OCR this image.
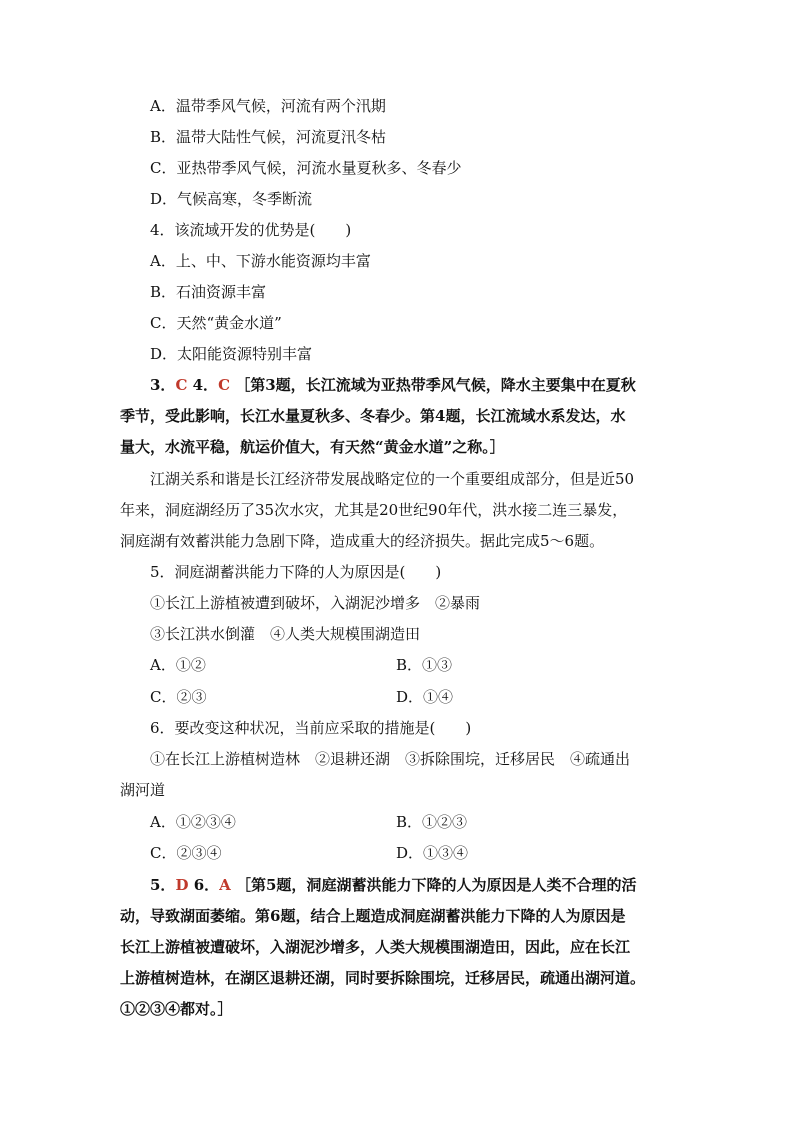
A．温带季风气候，河流有两个汛期
B．温带大陆性气候，河流夏汛冬枯
C．亚热带季风气候，河流水量夏秋多、冬春少
D．气候高寒，冬季断流
4．该流域开发的优势是(　　)
A．上、中、下游水能资源均丰富
B．石油资源丰富
C．天然“黄金水道”
D．太阳能资源特别丰富
3．C 4．C ［第3题，长江流域为亚热带季风气候，降水主要集中在夏秋
季节，受此影响，长江水量夏秋多、冬春少。第4题，长江流域水系发达，水
量大，水流平稳，航运价值大，有天然“黄金水道”之称。］
江湖关系和谐是长江经济带发展战略定位的一个重要组成部分，但是近50
年来，洞庭湖经历了35次水灾，尤其是20世纪90年代，洪水接二连三暴发，
洞庭湖有效蓄洪能力急剧下降，造成重大的经济损失。据此完成5～6题。
5．洞庭湖蓄洪能力下降的人为原因是(　　)
①长江上游植被遭到破坏，入湖泥沙增多　②暴雨
③长江洪水倒灌　④人类大规模围湖造田
A．①②	B．①③
C．②③	D．①④
6．要改变这种状况，当前应采取的措施是(　　)
①在长江上游植树造林　②退耕还湖　③拆除围垸，迁移居民　④疏通出
湖河道
A．①②③④	B．①②③
C．②③④	D．①③④
5．D 6．A ［第5题，洞庭湖蓄洪能力下降的人为原因是人类不合理的活
动，导致湖面萎缩。第6题，结合上题造成洞庭湖蓄洪能力下降的人为原因是
长江上游植被遭破坏，入湖泥沙增多，人类大规模围湖造田，因此，应在长江
上游植树造林，在湖区退耕还湖，同时要拆除围垸，迁移居民，疏通出湖河道。
①②③④都对。］
